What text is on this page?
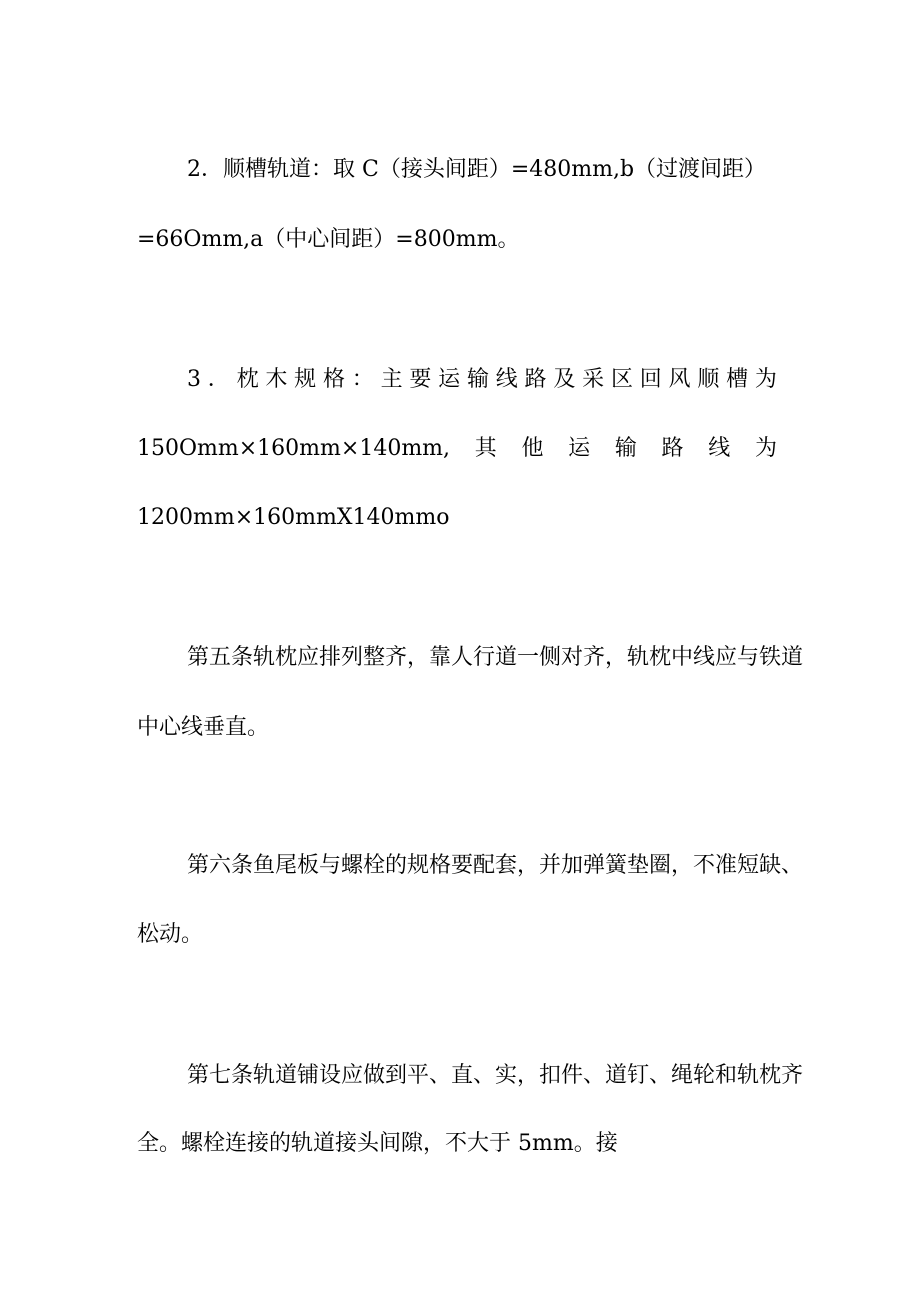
2．顺槽轨道：取 C（接头间距）=480mm,b（过渡间距）
=66Omm,a（中心间距）=800mm。
3 ． 枕 木 规 格 ： 主 要 运 输 线 路 及 采 区 回 风 顺 槽 为
150Omm×160mm×140mm, 其 他 运 输 路 线 为
1200mm×160mmX140mmo
第五条轨枕应排列整齐，靠人行道一侧对齐，轨枕中线应与铁道
中心线垂直。
第六条鱼尾板与螺栓的规格要配套，并加弹簧垫圈，不准短缺、
松动。
第七条轨道铺设应做到平、直、实，扣件、道钉、绳轮和轨枕齐
全。螺栓连接的轨道接头间隙，不大于 5mm。接
